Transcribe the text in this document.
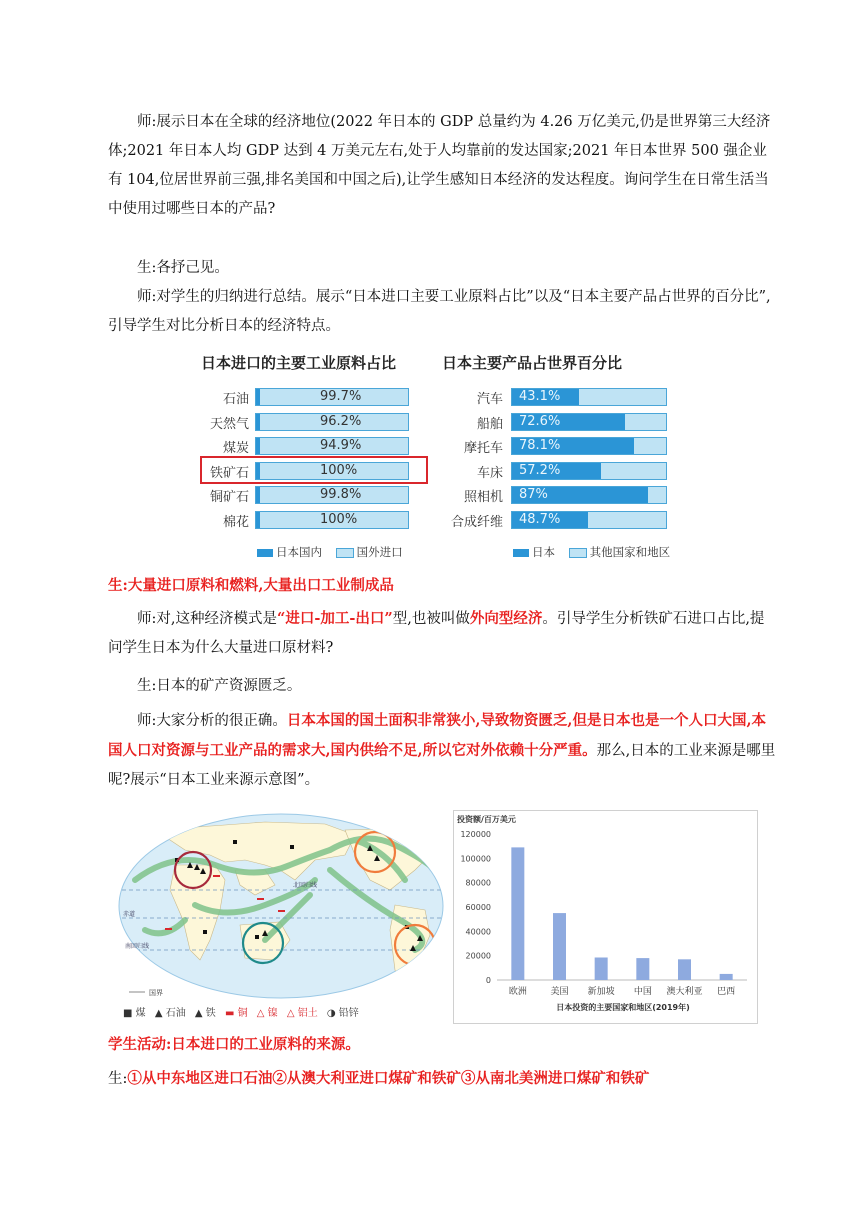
师:展示日本在全球的经济地位(2022 年日本的 GDP 总量约为 4.26 万亿美元,仍是世界第三大经济体;2021 年日本人均 GDP 达到 4 万美元左右,处于人均靠前的发达国家;2021 年日本世界 500 强企业有 104,位居世界前三强,排名美国和中国之后),让学生感知日本经济的发达程度。询问学生在日常生活当中使用过哪些日本的产品?

生:各抒己见。

师:对学生的归纳进行总结。展示“日本进口主要工业原料占比”以及“日本主要产品占世界的百分比”,引导学生对比分析日本的经济特点。

日本进口的主要工业原料占比
石油	99.7%
天然气	96.2%
煤炭	94.9%
铁矿石	100%
铜矿石	99.8%
棉花	100%
日本国内	国外进口
日本主要产品占世界百分比
汽车 43.1%
船舶 72.6%
摩托车 78.1%
车床 57.2%
照相机 87%
合成纤维 48.7%
日本	其他国家和地区

生:大量进口原料和燃料,大量出口工业制成品

师:对,这种经济模式是“进口-加工-出口”型,也被叫做外向型经济。引导学生分析铁矿石进口占比,提问学生日本为什么大量进口原材料?

生:日本的矿产资源匮乏。

师:大家分析的很正确。日本本国的国土面积非常狭小,导致物资匮乏,但是日本也是一个人口大国,本国人口对资源与工业产品的需求大,国内供给不足,所以它对外依赖十分严重。那么,日本的工业来源是哪里呢?展示“日本工业来源示意图”。

赤道
北回归线
南回归线
国界
■ 煤 ▲ 石油 ▲ 铁 ▬ 铜 △ 镍 △ 铝土 ◑ 铅锌
投资额/百万美元
0
20000
40000
60000
80000
100000
120000
欧洲	美国 新加坡 中国 澳大利亚 巴西
日本投资的主要国家和地区(2019年)

学生活动:日本进口的工业原料的来源。

生:①从中东地区进口石油②从澳大利亚进口煤矿和铁矿③从南北美洲进口煤矿和铁矿
